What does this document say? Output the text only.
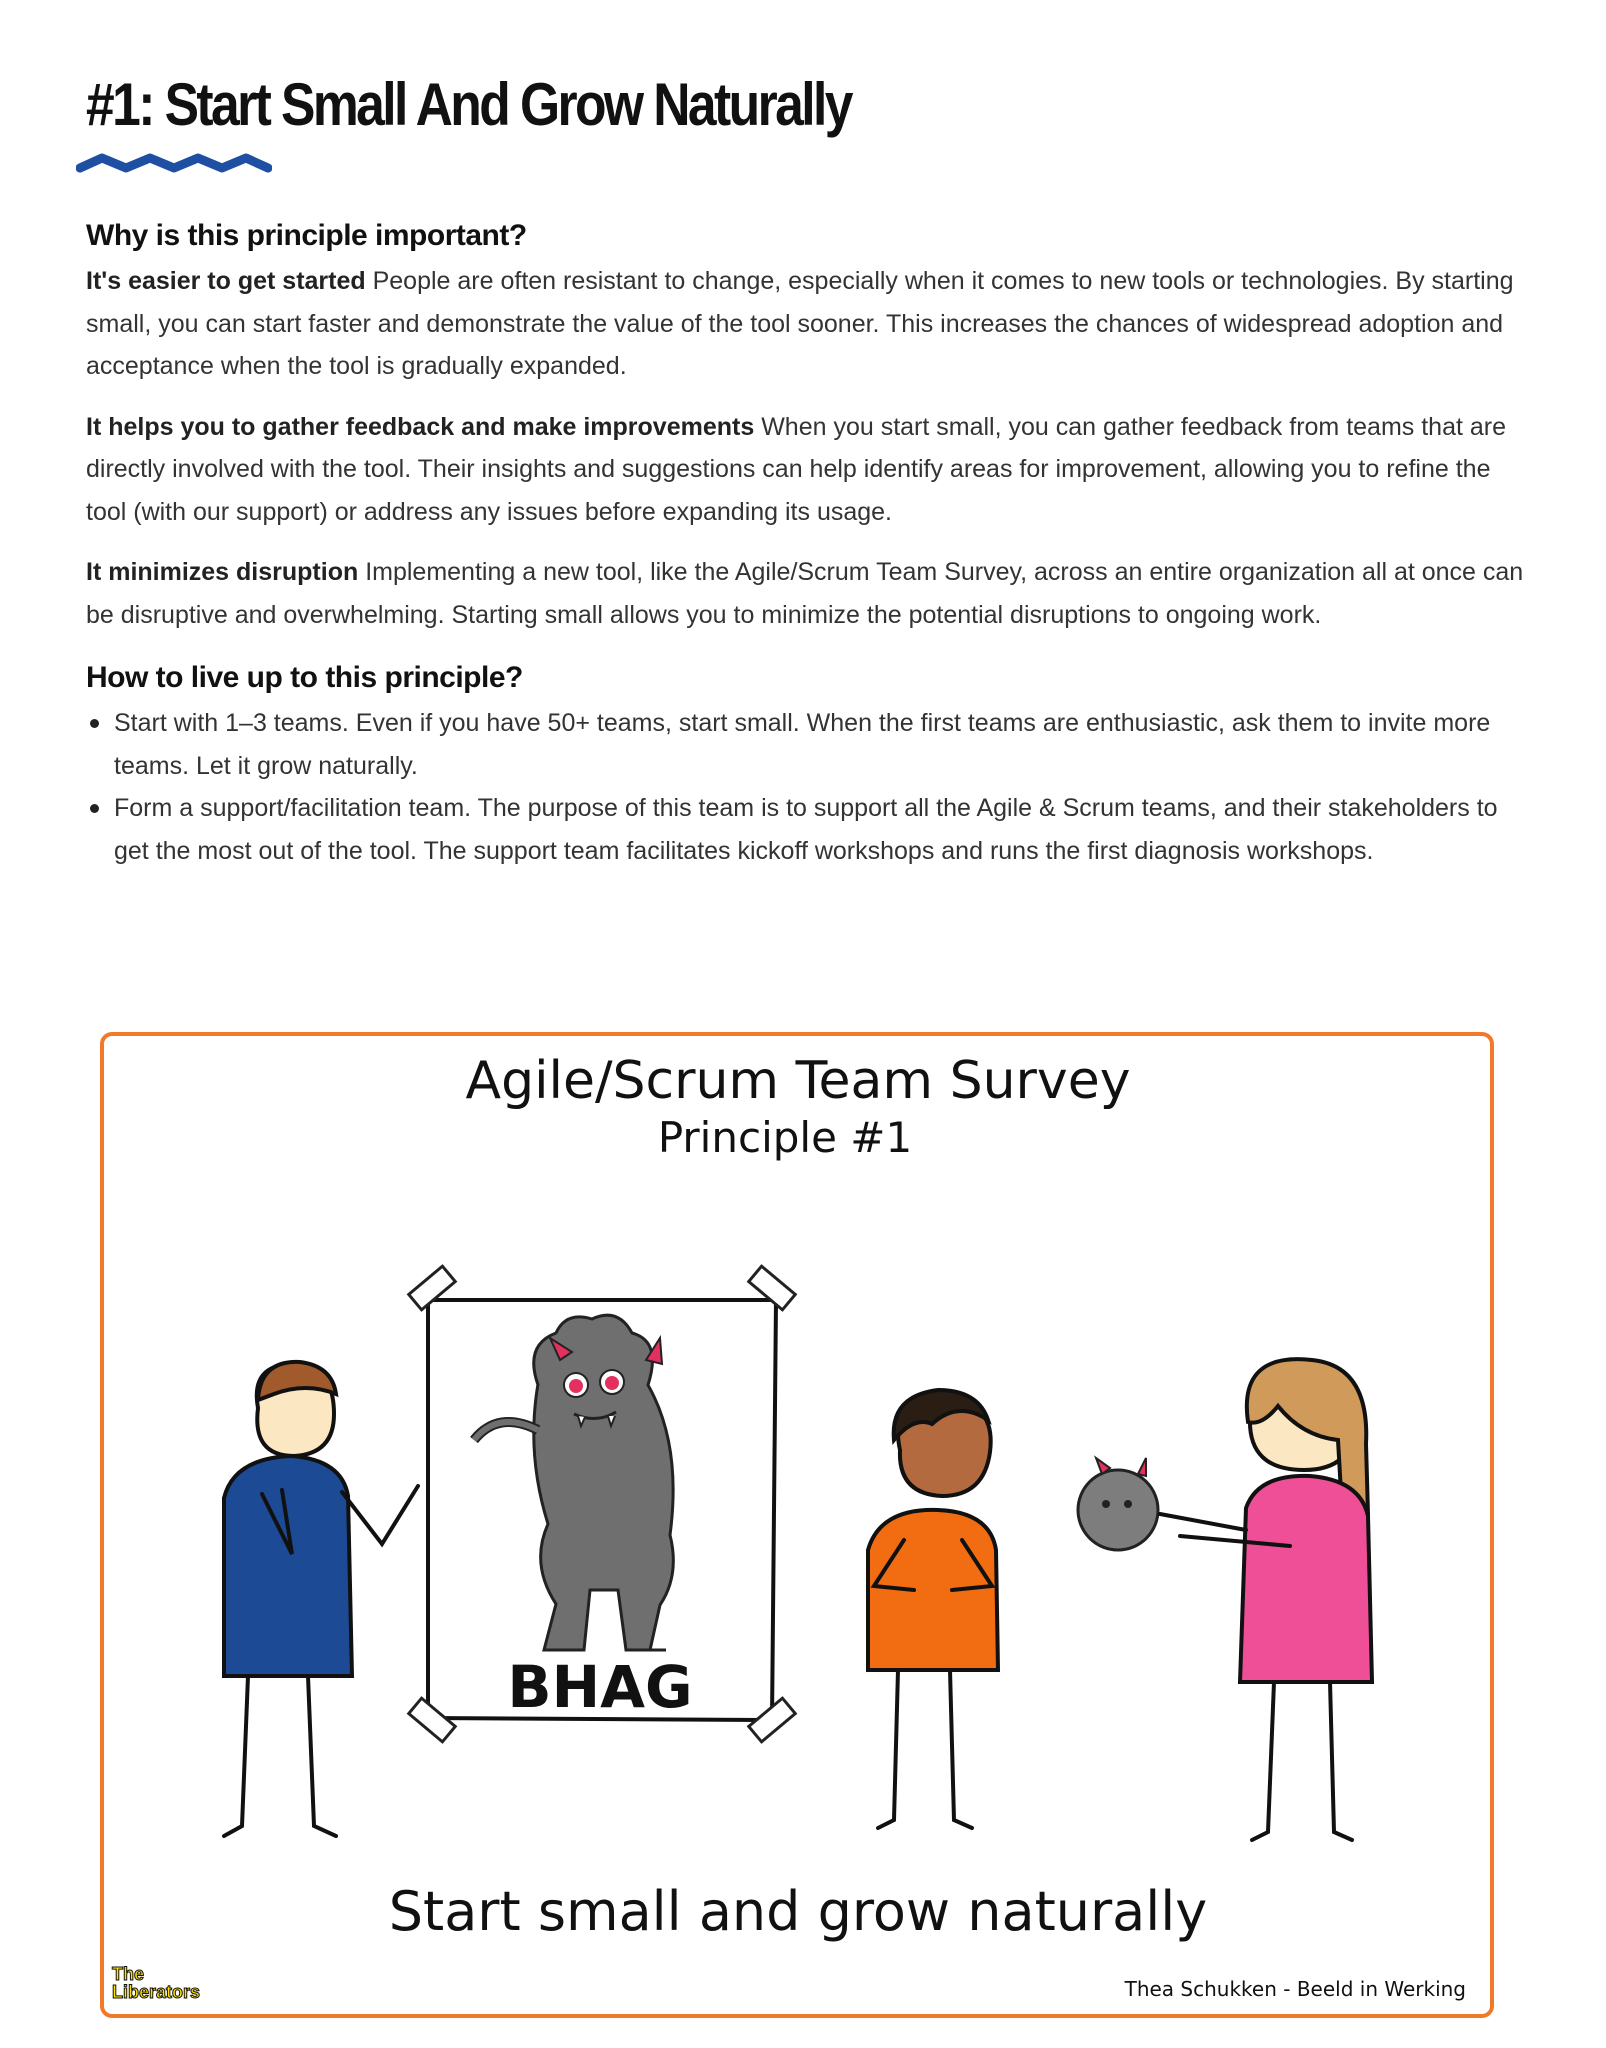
#1: Start Small And Grow Naturally
Why is this principle important?

It's easier to get started People are often resistant to change, especially when it comes to new tools or technologies. By starting small, you can start faster and demonstrate the value of the tool sooner. This increases the chances of widespread adoption and acceptance when the tool is gradually expanded.

It helps you to gather feedback and make improvements When you start small, you can gather feedback from teams that are directly involved with the tool. Their insights and suggestions can help identify areas for improvement, allowing you to refine the tool (with our support) or address any issues before expanding its usage.

It minimizes disruption Implementing a new tool, like the Agile/Scrum Team Survey, across an entire organization all at once can be disruptive and overwhelming. Starting small allows you to minimize the potential disruptions to ongoing work.

How to live up to this principle?
Start with 1–3 teams. Even if you have 50+ teams, start small. When the first teams are enthusiastic, ask them to invite more teams. Let it grow naturally.
Form a support/facilitation team. The purpose of this team is to support all the Agile & Scrum teams, and their stakeholders to get the most out of the tool. The support team facilitates kickoff workshops and runs the first diagnosis workshops.
Agile/Scrum Team Survey
Principle #1
BHAG
Start small and grow naturally
The
Liberators	Thea Schukken - Beeld in Werking
